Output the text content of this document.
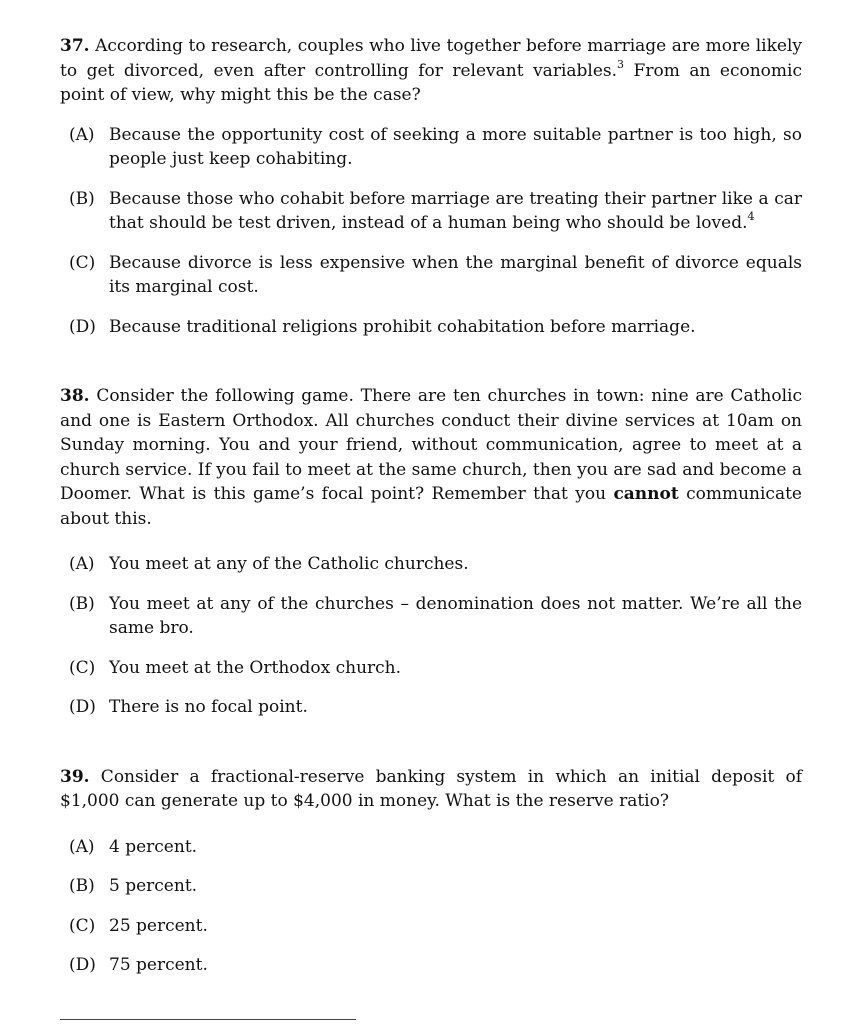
37. According to research, couples who live together before marriage are more likely to get divorced, even after controlling for relevant variables.$^3$ From an economic point of view, why might this be the case?

(A) Because the opportunity cost of seeking a more suitable partner is too high, so people just keep cohabiting.
(B) Because those who cohabit before marriage are treating their partner like a car that should be test driven, instead of a human being who should be loved.$^4$
(C) Because divorce is less expensive when the marginal benefit of divorce equals its marginal cost.
(D) Because traditional religions prohibit cohabitation before marriage.

38. Consider the following game. There are ten churches in town: nine are Catholic and one is Eastern Orthodox. All churches conduct their divine services at 10am on Sunday morning. You and your friend, without communication, agree to meet at a church service. If you fail to meet at the same church, then you are sad and become a Doomer. What is this game’s focal point? Remember that you cannot communicate about this.

(A) You meet at any of the Catholic churches.
(B) You meet at any of the churches – denomination does not matter. We’re all the same bro.
(C) You meet at the Orthodox church.
(D) There is no focal point.

39. Consider a fractional-reserve banking system in which an initial deposit of $1,000 can generate up to $4,000 in money. What is the reserve ratio?

(A) 4 percent.
(B) 5 percent.
(C) 25 percent.
(D) 75 percent.
